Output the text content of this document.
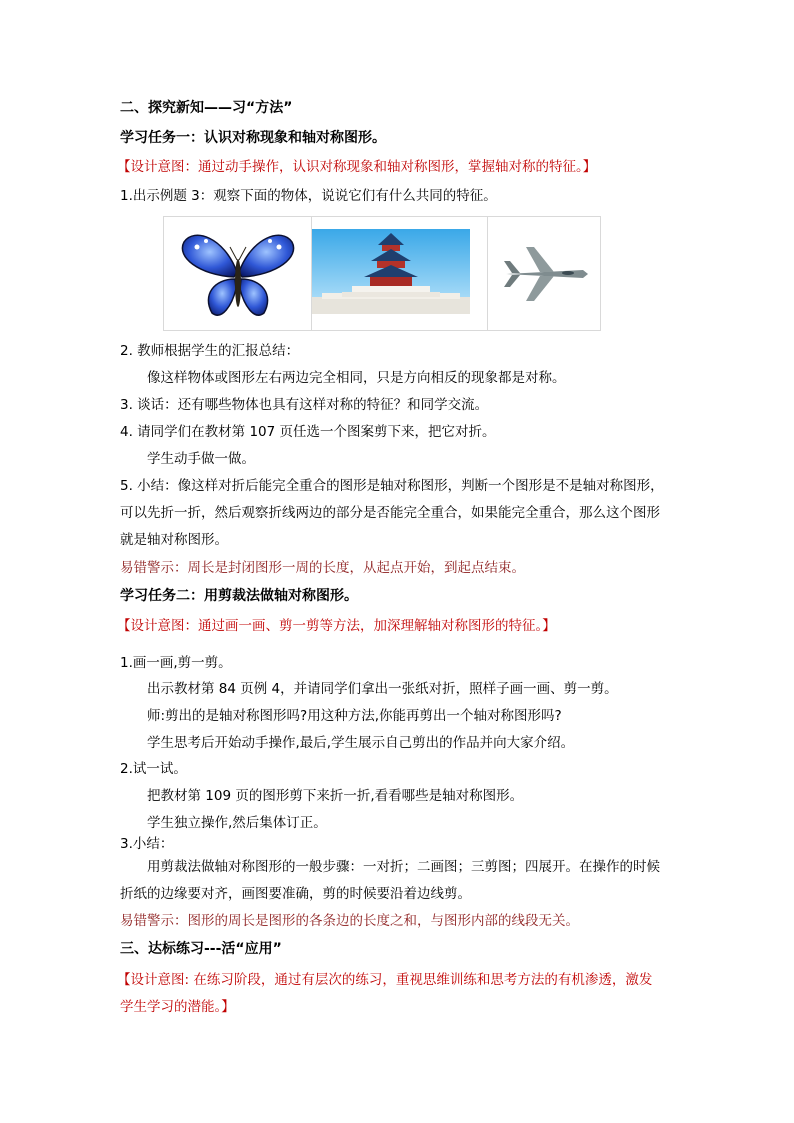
二、探究新知——习“方法”
学习任务一：认识对称现象和轴对称图形。
【设计意图：通过动手操作，认识对称现象和轴对称图形，掌握轴对称的特征。】
1.出示例题 3：观察下面的物体，说说它们有什么共同的特征。
2. 教师根据学生的汇报总结：
像这样物体或图形左右两边完全相同，只是方向相反的现象都是对称。
3. 谈话：还有哪些物体也具有这样对称的特征？和同学交流。
4. 请同学们在教材第 107 页任选一个图案剪下来，把它对折。
学生动手做一做。
5. 小结：像这样对折后能完全重合的图形是轴对称图形，判断一个图形是不是轴对称图形，
可以先折一折，然后观察折线两边的部分是否能完全重合，如果能完全重合，那么这个图形
就是轴对称图形。
易错警示：周长是封闭图形一周的长度，从起点开始，到起点结束。
学习任务二：用剪裁法做轴对称图形。
【设计意图：通过画一画、剪一剪等方法，加深理解轴对称图形的特征。】
1.画一画,剪一剪。
出示教材第 84 页例 4，并请同学们拿出一张纸对折，照样子画一画、剪一剪。
师:剪出的是轴对称图形吗?用这种方法,你能再剪出一个轴对称图形吗?
学生思考后开始动手操作,最后,学生展示自己剪出的作品并向大家介绍。
2.试一试。
把教材第 109 页的图形剪下来折一折,看看哪些是轴对称图形。
学生独立操作,然后集体订正。
3.小结：
用剪裁法做轴对称图形的一般步骤：一对折；二画图；三剪图；四展开。在操作的时候
折纸的边缘要对齐，画图要准确，剪的时候要沿着边线剪。
易错警示：图形的周长是图形的各条边的长度之和，与图形内部的线段无关。
三、达标练习---活“应用”
【设计意图: 在练习阶段，通过有层次的练习，重视思维训练和思考方法的有机渗透，激发
学生学习的潜能。】
